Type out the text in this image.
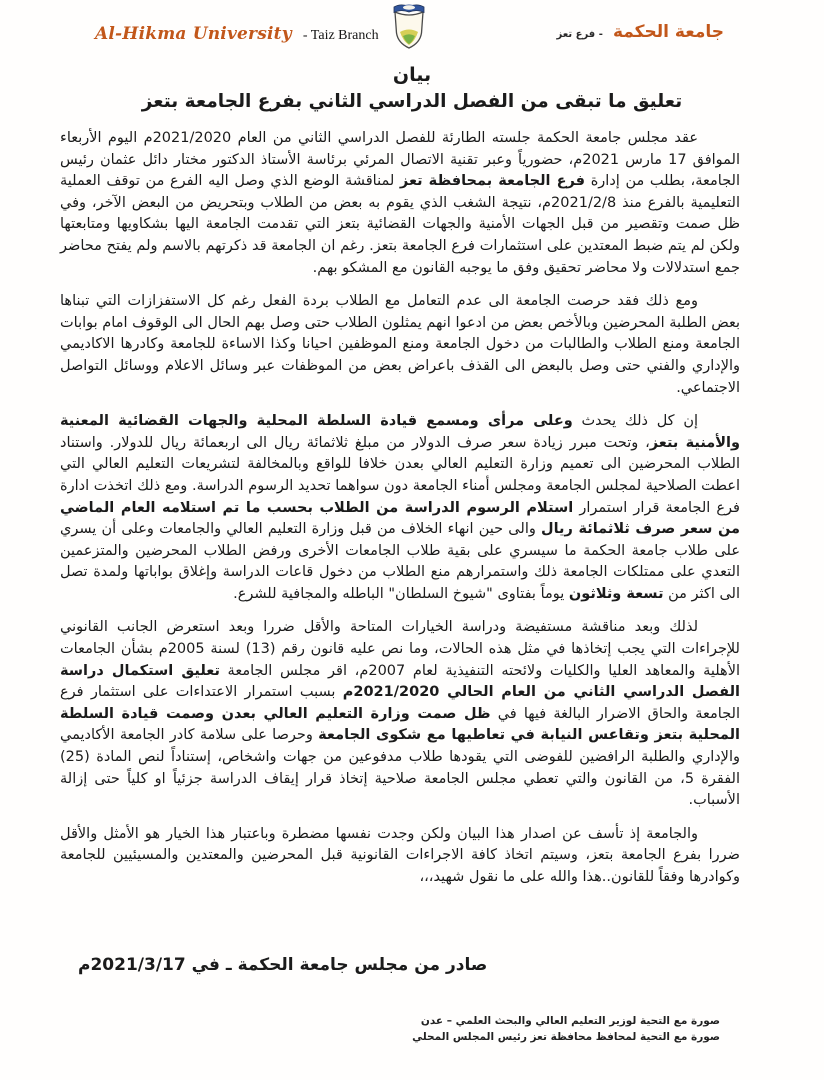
Al-Hikma University - Taiz Branch	جامعة الحكمة - فرع تعز
بيان
تعليق ما تبقى من الفصل الدراسي الثاني بفرع الجامعة بتعز

عقد مجلس جامعة الحكمة جلسته الطارئة للفصل الدراسي الثاني من العام 2021/2020م اليوم الأربعاء الموافق 17 مارس 2021م، حضورياً وعبر تقنية الاتصال المرئي برئاسة الأستاذ الدكتور مختار دائل عثمان رئيس الجامعة، بطلب من إدارة فرع الجامعة بمحافظة تعز لمناقشة الوضع الذي وصل اليه الفرع من توقف العملية التعليمية بالفرع منذ 2021/2/8م، نتيجة الشغب الذي يقوم به بعض من الطلاب وبتحريض من البعض الآخر، وفي ظل صمت وتقصير من قبل الجهات الأمنية والجهات القضائية بتعز التي تقدمت الجامعة اليها بشكاويها ومتابعتها ولكن لم يتم ضبط المعتدين على استثمارات فرع الجامعة بتعز. رغم ان الجامعة قد ذكرتهم بالاسم ولم يفتح محاضر جمع استدلالات ولا محاضر تحقيق وفق ما يوجبه القانون مع المشكو بهم.

ومع ذلك فقد حرصت الجامعة الى عدم التعامل مع الطلاب بردة الفعل رغم كل الاستفزازات التي تبناها بعض الطلبة المحرضين وبالأخص بعض من ادعوا انهم يمثلون الطلاب حتى وصل بهم الحال الى الوقوف امام بوابات الجامعة ومنع الطلاب والطالبات من دخول الجامعة ومنع الموظفين احيانا وكذا الاساءة للجامعة وكادرها الاكاديمي والإداري والفني حتى وصل بالبعض الى القذف باعراض بعض من الموظفات عبر وسائل الاعلام ووسائل التواصل الاجتماعي.

إن كل ذلك يحدث وعلى مرأى ومسمع قيادة السلطة المحلية والجهات القضائية المعنية والأمنية بتعز، وتحت مبرر زيادة سعر صرف الدولار من مبلغ ثلاثمائة ريال الى اربعمائة ريال للدولار. واستناد الطلاب المحرضين الى تعميم وزارة التعليم العالي بعدن خلافا للواقع وبالمخالفة لتشريعات التعليم العالي التي اعطت الصلاحية لمجلس الجامعة ومجلس أمناء الجامعة دون سواهما تحديد الرسوم الدراسة. ومع ذلك اتخذت ادارة فرع الجامعة قرار استمرار استلام الرسوم الدراسة من الطلاب بحسب ما تم استلامه العام الماضي من سعر صرف ثلاثمائة ريال والى حين انهاء الخلاف من قبل وزارة التعليم العالي والجامعات وعلى أن يسري على طلاب جامعة الحكمة ما سيسري على بقية طلاب الجامعات الأخرى ورفض الطلاب المحرضين والمتزعمين التعدي على ممتلكات الجامعة ذلك واستمرارهم منع الطلاب من دخول قاعات الدراسة وإغلاق بواباتها ولمدة تصل الى اكثر من تسعة وثلاثون يوماً بفتاوى "شيوخ السلطان" الباطله والمجافية للشرع.

لذلك وبعد مناقشة مستفيضة ودراسة الخيارات المتاحة والأقل ضررا وبعد استعرض الجانب القانوني للإجراءات التي يجب إتخاذها في مثل هذه الحالات، وما نص عليه قانون رقم (13) لسنة 2005م بشأن الجامعات الأهلية والمعاهد العليا والكليات ولائحته التنفيذية لعام 2007م، اقر مجلس الجامعة تعليق استكمال دراسة الفصل الدراسي الثاني من العام الحالي 2021/2020م بسبب استمرار الاعتداءات على استثمار فرع الجامعة والحاق الاضرار البالغة فيها في ظل صمت وزارة التعليم العالي بعدن وصمت قيادة السلطة المحلية بتعز وتقاعس النيابة في تعاطيها مع شكوى الجامعة وحرصا على سلامة كادر الجامعة الأكاديمي والإداري والطلبة الرافضين للفوضى التي يقودها طلاب مدفوعين من جهات واشخاص، إستناداً لنص المادة (25) الفقرة 5، من القانون والتي تعطي مجلس الجامعة صلاحية إتخاذ قرار إيقاف الدراسة جزئياً او كلياً حتى إزالة الأسباب.

والجامعة إذ تأسف عن اصدار هذا البيان ولكن وجدت نفسها مضطرة وباعتبار هذا الخيار هو الأمثل والأقل ضررا بفرع الجامعة بتعز، وسيتم اتخاذ كافة الاجراءات القانونية قبل المحرضين والمعتدين والمسيئيين للجامعة وكوادرها وفقاً للقانون..هذا والله على ما نقول شهيد،،،

صادر من مجلس جامعة الحكمة ـ في 2021/3/17م
صورة مع التحية لوزير التعليم العالي والبحث العلمي – عدن
صورة مع التحية لمحافظ محافظة تعز رئيس المجلس المحلي
